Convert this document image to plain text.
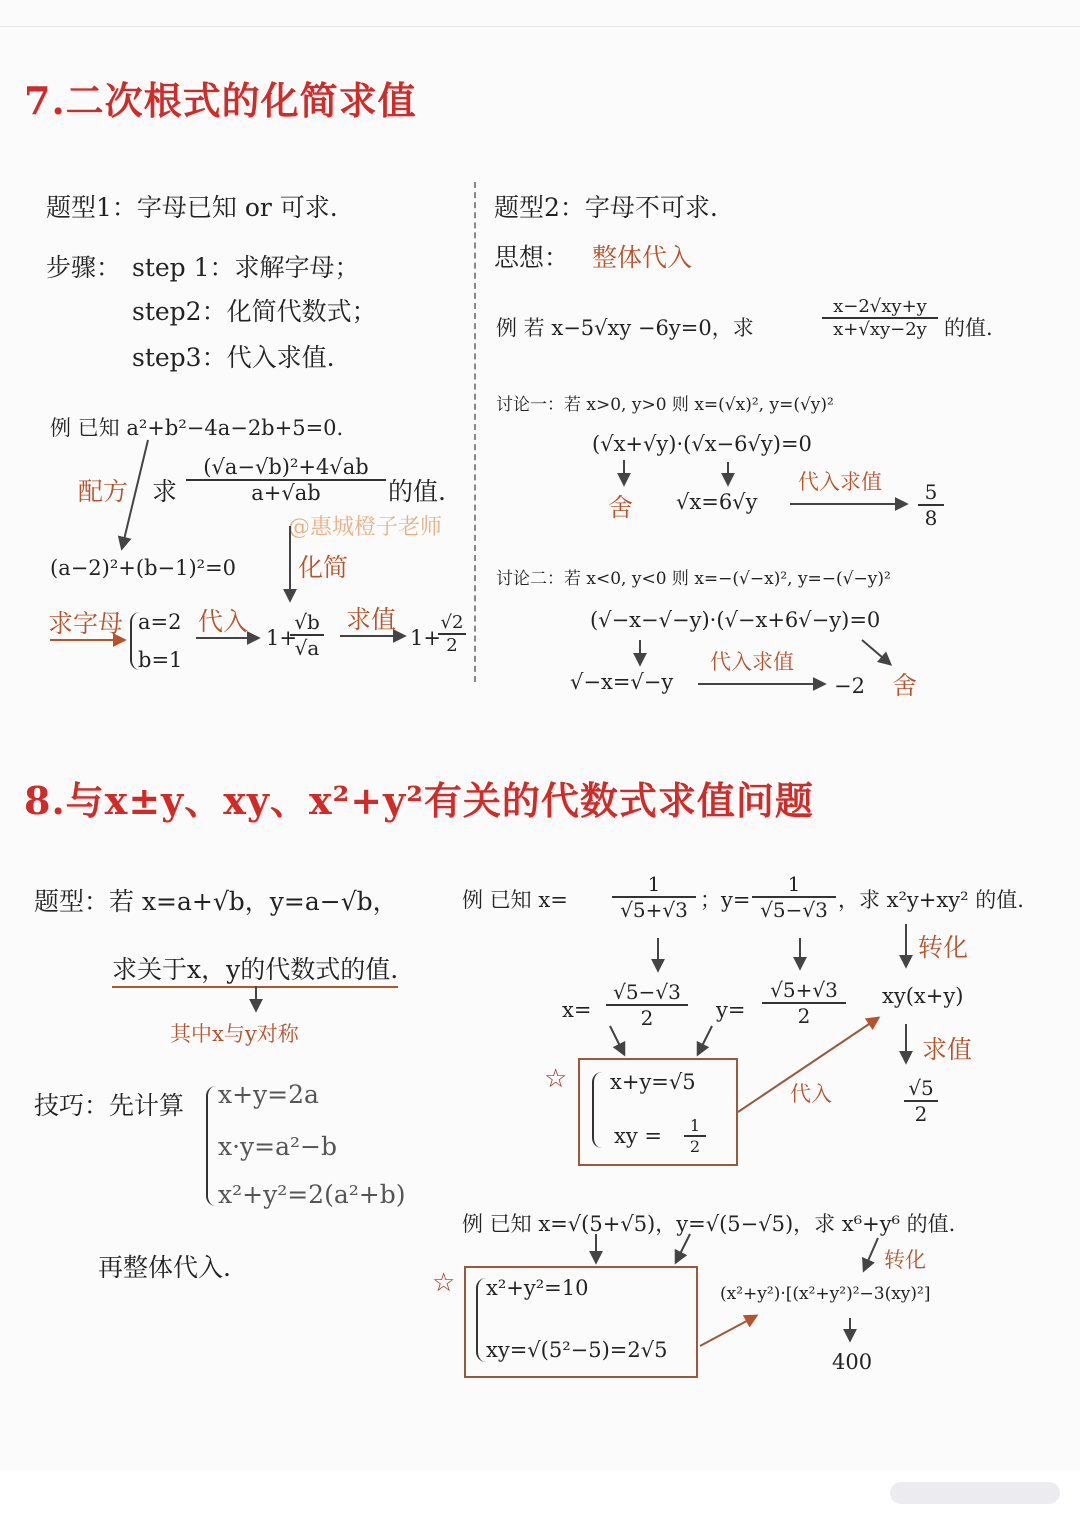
7.二次根式的化简求值
题型1：字母已知 or 可求.
步骤： step 1：求解字母；
step2：化简代数式；
step3：代入求值.
例 已知 a²+b²−4a−2b+5=0.
配方 求 $\frac{\text{(√a−√b)²+4√ab}}{a+√ab}$ 的值.
@惠城橙子老师
(a−2)²+(b−1)²=0 化简
求字母 a=2
b=1
代入
1+
$\frac{√b}{√a}$ 求值
1+
$\frac{√2}{2}$
题型2：字母不可求.
思想： 整体代入
例 若 x−5√xy −6y=0，求	$\frac{x-2√xy+y}{x+√xy-2y}$ 的值.
讨论一：若 x>0, y>0 则 x=(√x)², y=(√y)²
(√x+√y)·(√x−6√y)=0
舍 √x=6√y
代入求值 $\frac{5}{8}$
讨论二：若 x<0, y<0 则 x=−(√−x)², y=−(√−y)²
(√−x−√−y)·(√−x+6√−y)=0
√−x=√−y
代入求值
−2 舍
8.与x±y、xy、x²+y²有关的代数式求值问题
题型：若 x=a+√b，y=a−√b，
求关于x，y的代数式的值.
其中x与y对称
技巧：先计算 x+y=2a
x·y=a²−b
x²+y²=2(a²+b)
再整体代入.
例 已知 $x= \frac{1}{√5+√3}$ ；$y= \frac{1}{√5-√3}$ ，求 x²y+xy² 的值.
转化
$x= \frac{√5-√3}{2} y= \frac{√5+√3}{2} xy(x+y)$
☆ x+y=√5
xy = $\frac{1}{2}$
代入
求值
$\frac{√5}{2}$
例 已知 x=√(5+√5)，y=√(5−√5)，求 x⁶+y⁶ 的值.
转化
☆ x²+y²=10
xy=√(5²−5)=2√5
(x²+y²)·[(x²+y²)²−3(xy)²]
400
